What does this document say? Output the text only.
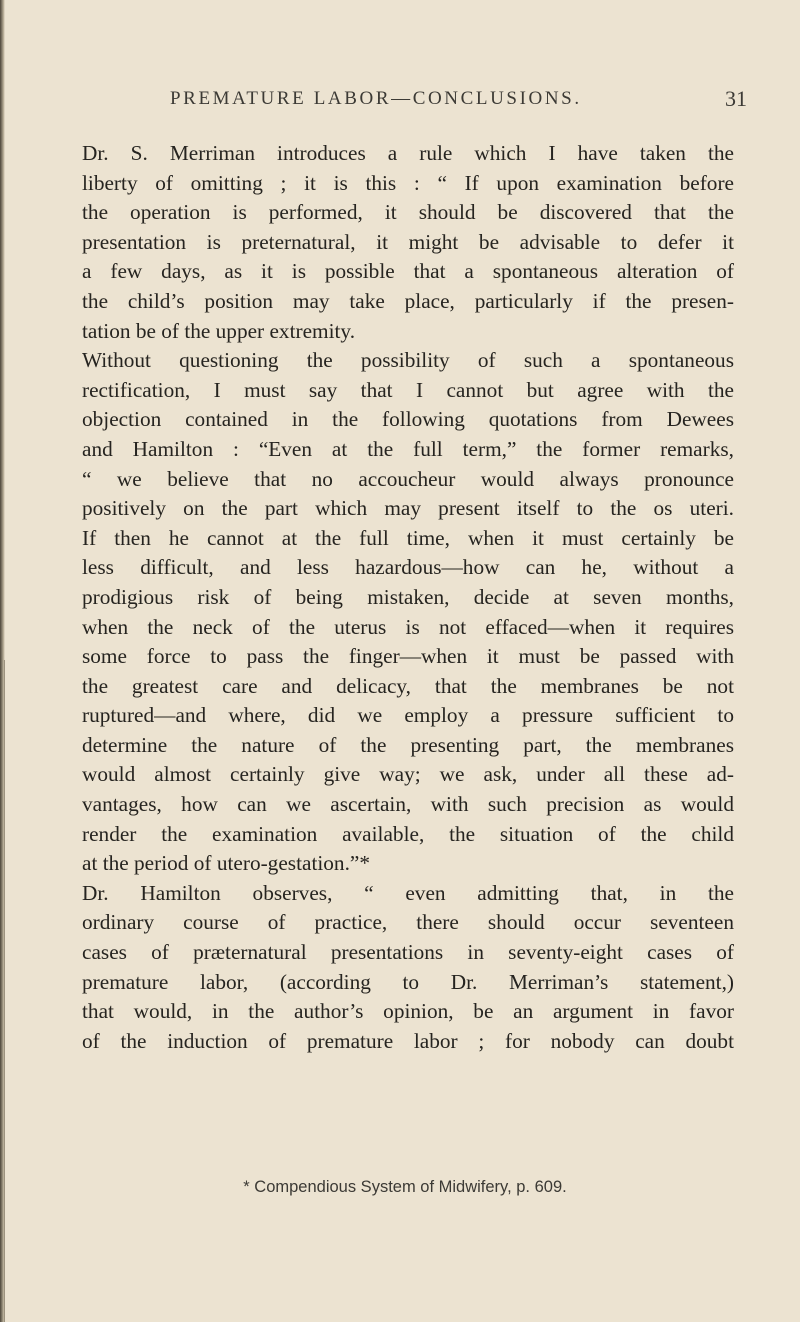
PREMATURE LABOR—CONCLUSIONS.	31
Dr. S. Merriman introduces a rule which I have taken the
liberty of omitting ; it is this : “ If upon examination before
the operation is performed, it should be discovered that the
presentation is preternatural, it might be advisable to defer it
a few days, as it is possible that a spontaneous alteration of
the child’s position may take place, particularly if the presen-
tation be of the upper extremity.
Without questioning the possibility of such a spontaneous
rectification, I must say that I cannot but agree with the
objection contained in the following quotations from Dewees
and Hamilton : “Even at the full term,” the former remarks,
“ we believe that no accoucheur would always pronounce
positively on the part which may present itself to the os uteri.
If then he cannot at the full time, when it must certainly be
less difficult, and less hazardous—how can he, without a
prodigious risk of being mistaken, decide at seven months,
when the neck of the uterus is not effaced—when it requires
some force to pass the finger—when it must be passed with
the greatest care and delicacy, that the membranes be not
ruptured—and where, did we employ a pressure sufficient to
determine the nature of the presenting part, the membranes
would almost certainly give way; we ask, under all these ad-
vantages, how can we ascertain, with such precision as would
render the examination available, the situation of the child
at the period of utero-gestation.”*
Dr. Hamilton observes, “ even admitting that, in the
ordinary course of practice, there should occur seventeen
cases of prӕternatural presentations in seventy-eight cases of
premature labor, (according to Dr. Merriman’s statement,)
that would, in the author’s opinion, be an argument in favor
of the induction of premature labor ; for nobody can doubt
* Compendious System of Midwifery, p. 609.
